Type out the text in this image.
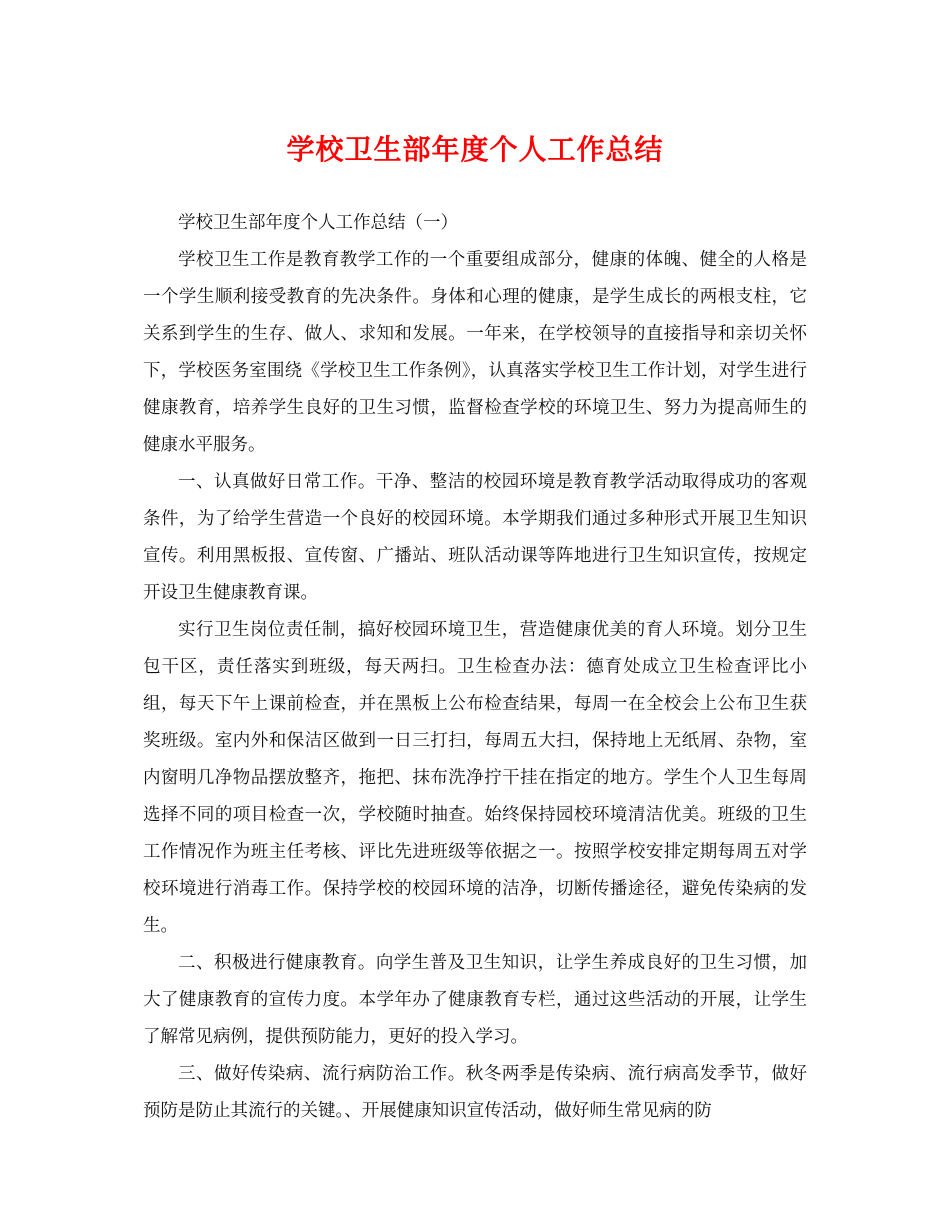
学校卫生部年度个人工作总结

学校卫生部年度个人工作总结（一）

学校卫生工作是教育教学工作的一个重要组成部分，健康的体魄、健全的人格是一个学生顺利接受教育的先决条件。身体和心理的健康，是学生成长的两根支柱，它关系到学生的生存、做人、求知和发展。一年来，在学校领导的直接指导和亲切关怀下，学校医务室围绕《学校卫生工作条例》，认真落实学校卫生工作计划，对学生进行健康教育，培养学生良好的卫生习惯，监督检查学校的环境卫生、努力为提高师生的健康水平服务。

一、认真做好日常工作。干净、整洁的校园环境是教育教学活动取得成功的客观条件，为了给学生营造一个良好的校园环境。本学期我们通过多种形式开展卫生知识宣传。利用黑板报、宣传窗、广播站、班队活动课等阵地进行卫生知识宣传，按规定开设卫生健康教育课。

实行卫生岗位责任制，搞好校园环境卫生，营造健康优美的育人环境。划分卫生包干区，责任落实到班级，每天两扫。卫生检查办法：德育处成立卫生检查评比小组，每天下午上课前检查，并在黑板上公布检查结果，每周一在全校会上公布卫生获奖班级。室内外和保洁区做到一日三打扫，每周五大扫，保持地上无纸屑、杂物，室内窗明几净物品摆放整齐，拖把、抹布洗净拧干挂在指定的地方。学生个人卫生每周选择不同的项目检查一次，学校随时抽查。始终保持园校环境清洁优美。班级的卫生工作情况作为班主任考核、评比先进班级等依据之一。按照学校安排定期每周五对学校环境进行消毒工作。保持学校的校园环境的洁净，切断传播途径，避免传染病的发生。

二、积极进行健康教育。向学生普及卫生知识，让学生养成良好的卫生习惯，加大了健康教育的宣传力度。本学年办了健康教育专栏，通过这些活动的开展，让学生了解常见病例，提供预防能力，更好的投入学习。

三、做好传染病、流行病防治工作。秋冬两季是传染病、流行病高发季节，做好预防是防止其流行的关键。、开展健康知识宣传活动，做好师生常见病的防
